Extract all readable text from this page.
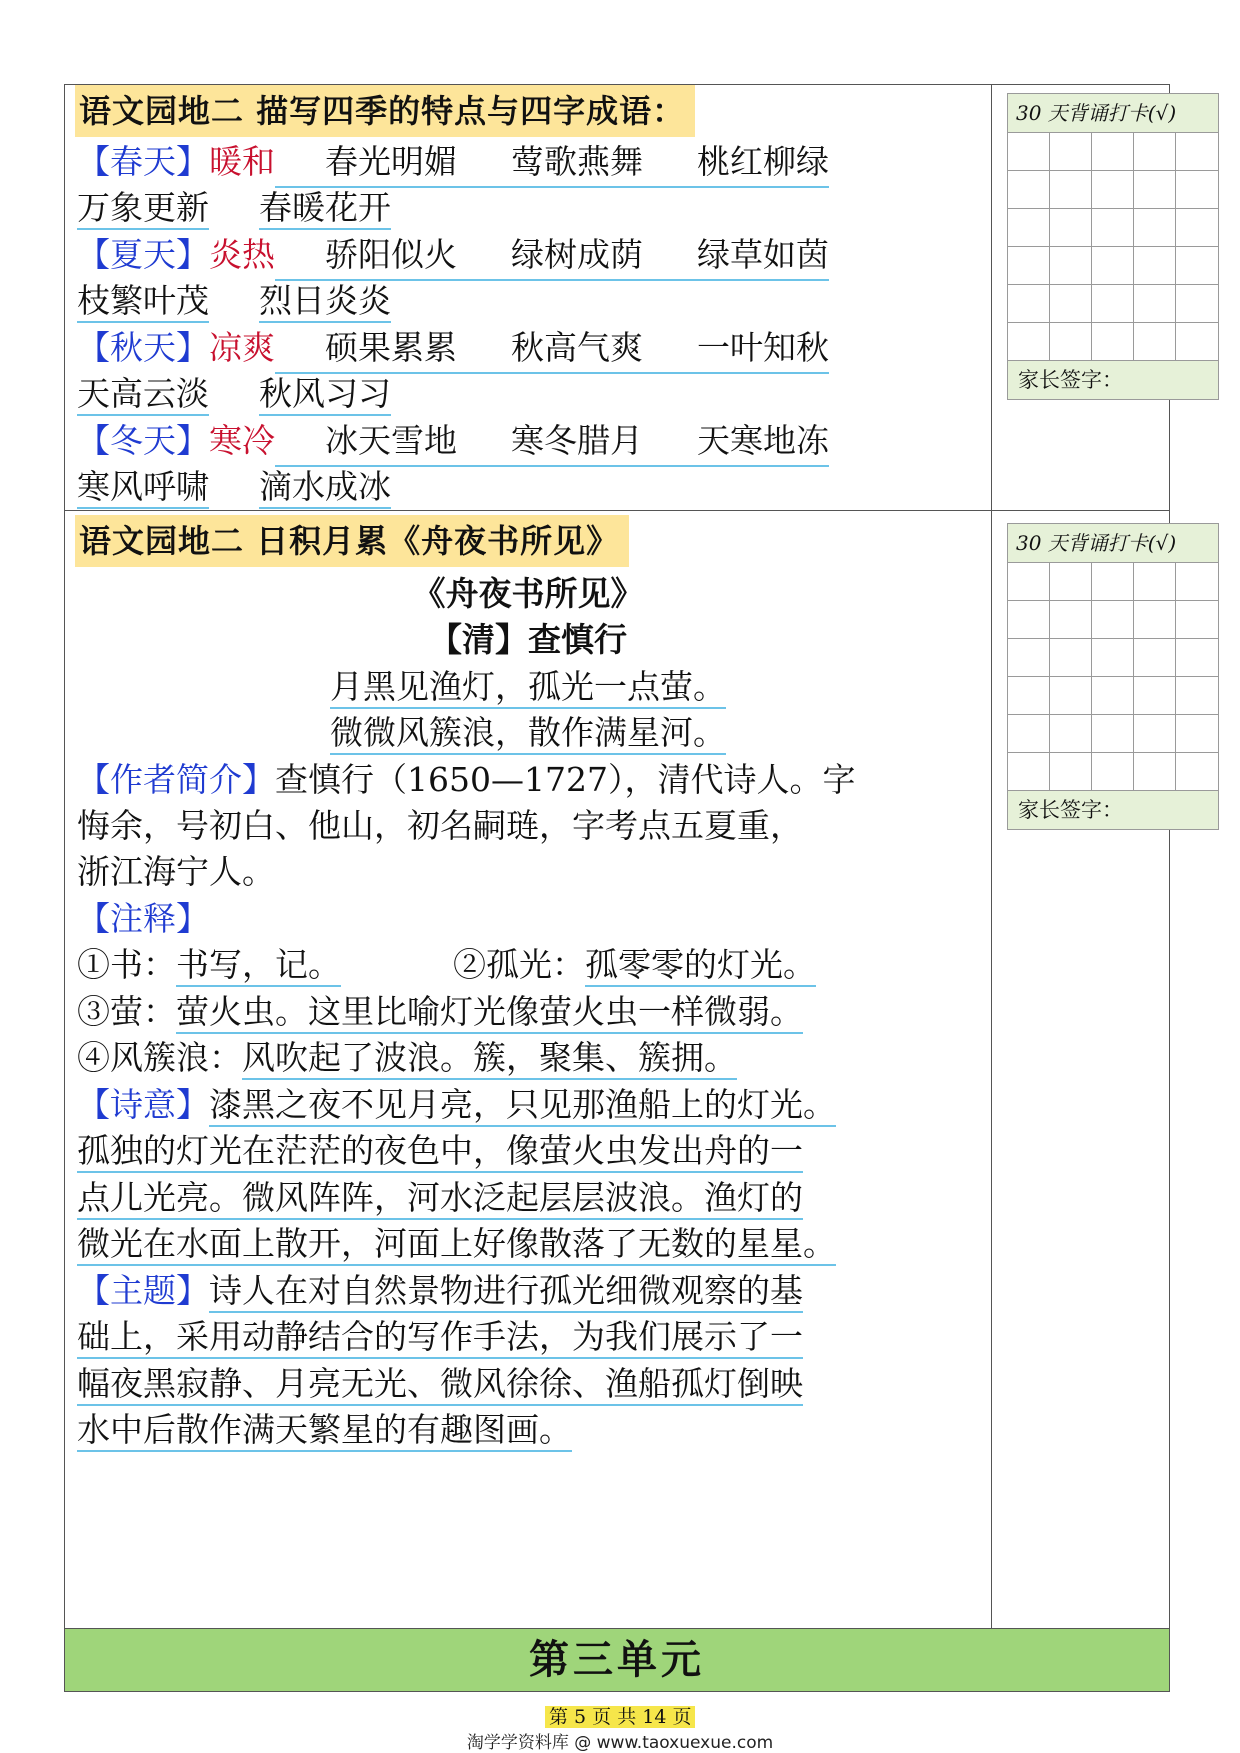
语文园地二 描写四季的特点与四字成语：
【春天】暖和 春光明媚 莺歌燕舞 桃红柳绿
万象更新 春暖花开
【夏天】炎热 骄阳似火 绿树成荫 绿草如茵
枝繁叶茂 烈日炎炎
【秋天】凉爽 硕果累累 秋高气爽 一叶知秋
天高云淡 秋风习习
【冬天】寒冷 冰天雪地 寒冬腊月 天寒地冻
寒风呼啸 滴水成冰
语文园地二 日积月累《舟夜书所见》
《舟夜书所见》
【清】查慎行
月黑见渔灯，孤光一点萤。
微微风簇浪，散作满星河。
【作者简介】查慎行（1650—1727），清代诗人。字
悔余，号初白、他山，初名嗣琏，字考点五夏重，
浙江海宁人。
【注释】
①书：书写，记。	②孤光：孤零零的灯光。
③萤：萤火虫。这里比喻灯光像萤火虫一样微弱。
④风簇浪：风吹起了波浪。簇，聚集、簇拥。
【诗意】漆黑之夜不见月亮，只见那渔船上的灯光。
孤独的灯光在茫茫的夜色中，像萤火虫发出舟的一
点儿光亮。微风阵阵，河水泛起层层波浪。渔灯的
微光在水面上散开，河面上好像散落了无数的星星。
【主题】诗人在对自然景物进行孤光细微观察的基
础上，采用动静结合的写作手法，为我们展示了一
幅夜黑寂静、月亮无光、微风徐徐、渔船孤灯倒映
水中后散作满天繁星的有趣图画。
30 天背诵打卡(√)
家长签字：
30 天背诵打卡(√)
家长签字：
第三单元
第 5 页 共 14 页
淘学学资料库 @ www.taoxuexue.com
